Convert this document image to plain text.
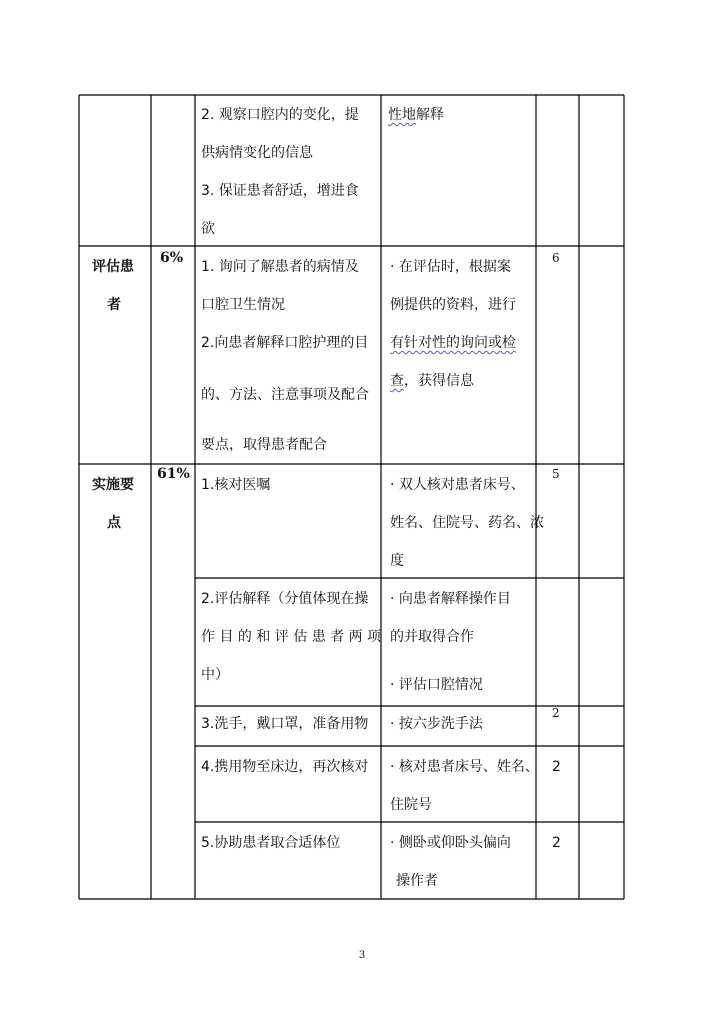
2. 观察口腔内的变化，提
供病情变化的信息
3. 保证患者舒适，增进食
欲
性地解释
评估患
者
6%
1. 询问了解患者的病情及
口腔卫生情况
2.向患者解释口腔护理的目
的、方法、注意事项及配合
要点，取得患者配合
· 在评估时，根据案
例提供的资料，进行
有针对性的询问或检
查，获得信息
6
实施要
点
61%
1.核对医嘱	· 双人核对患者床号、
姓名、住院号、药名、浓
度
5
2.评估解释（分值体现在操
作 目 的 和 评 估 患 者 两 项
中）
· 向患者解释操作目
的并取得合作
· 评估口腔情况
3.洗手，戴口罩，准备用物 · 按六步洗手法
2
4.携用物至床边，再次核对 · 核对患者床号、姓名、
住院号
2
5.协助患者取合适体位	· 侧卧或仰卧头偏向
操作者
2
3
